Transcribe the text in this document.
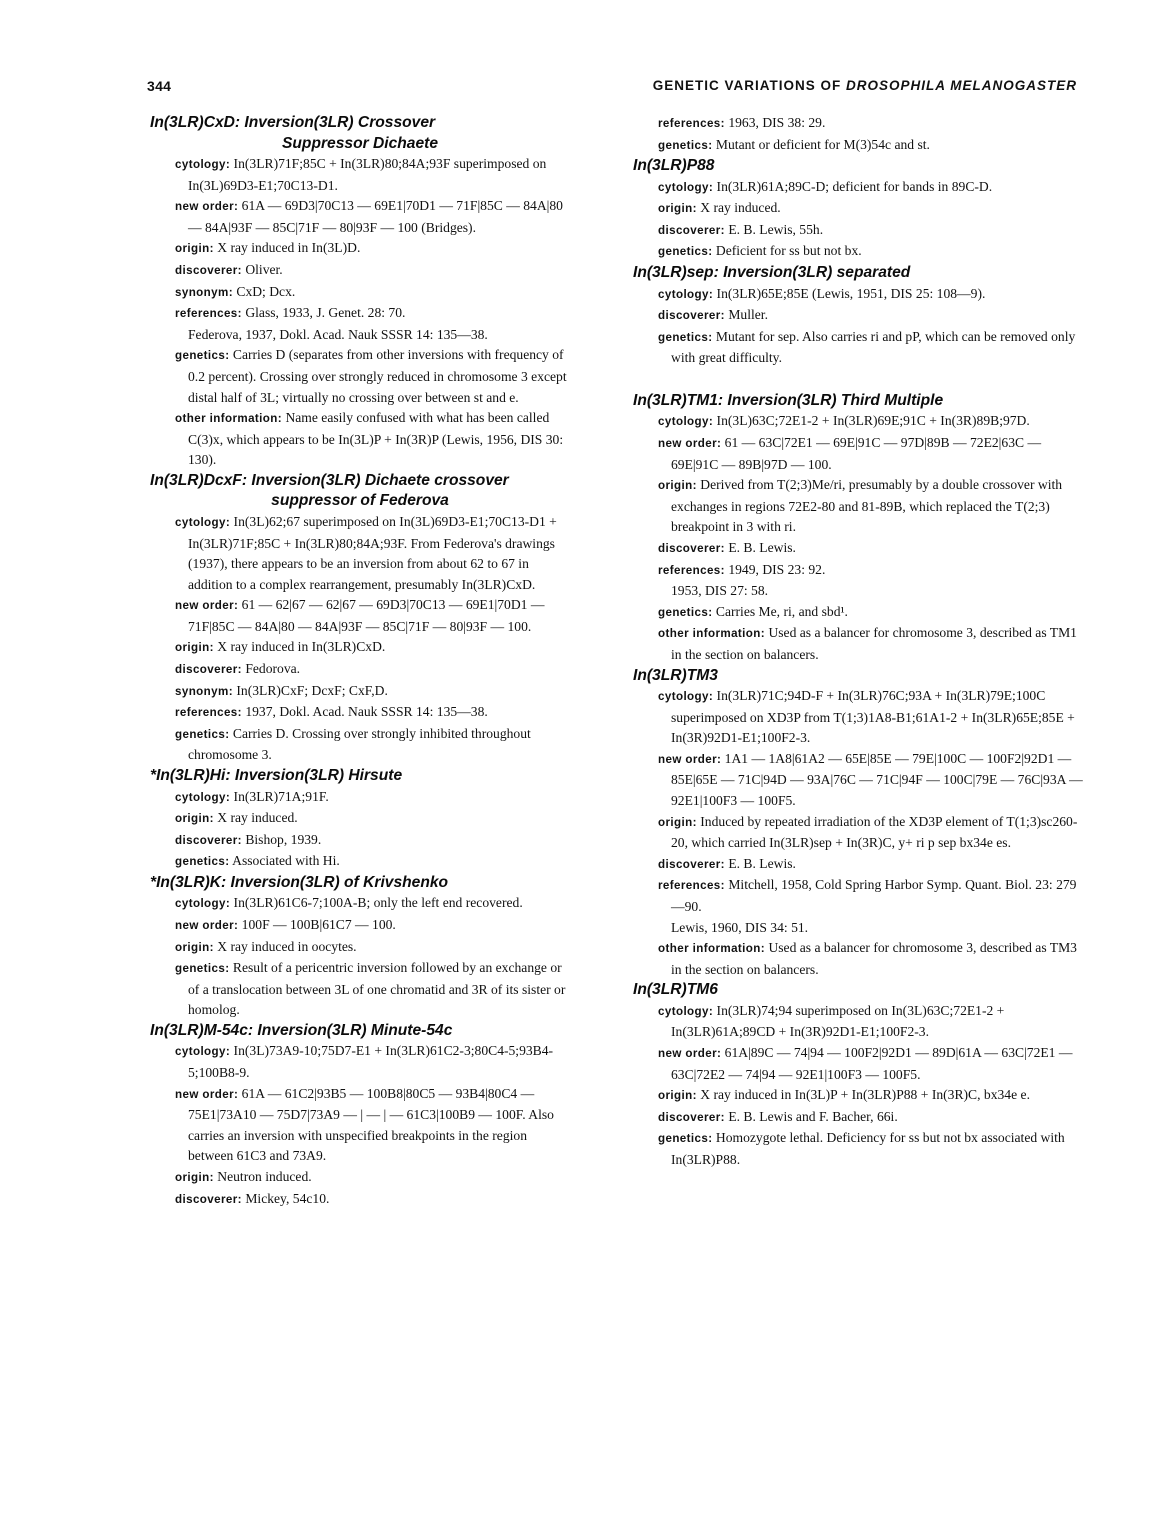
344	GENETIC VARIATIONS OF DROSOPHILA MELANOGASTER
In(3LR)CxD: Inversion(3LR) Crossover
Suppressor Dichaete
cytology: In(3LR)71F;85C + In(3LR)80;84A;93F superimposed on In(3L)69D3-E1;70C13-D1.
new order: 61A — 69D3|70C13 — 69E1|70D1 — 71F|85C — 84A|80 — 84A|93F — 85C|71F — 80|93F — 100 (Bridges).
origin: X ray induced in In(3L)D.
discoverer: Oliver.
synonym: CxD; Dcx.
references: Glass, 1933, J. Genet. 28: 70.
Federova, 1937, Dokl. Acad. Nauk SSSR 14: 135—38.
genetics: Carries D (separates from other inversions with frequency of 0.2 percent). Crossing over strongly reduced in chromosome 3 except distal half of 3L; virtually no crossing over between st and e.
other information: Name easily confused with what has been called C(3)x, which appears to be In(3L)P + In(3R)P (Lewis, 1956, DIS 30: 130).
In(3LR)DcxF: Inversion(3LR) Dichaete crossover
suppressor of Federova
cytology: In(3L)62;67 superimposed on In(3L)69D3-E1;70C13-D1 + In(3LR)71F;85C + In(3LR)80;84A;93F. From Federova's drawings (1937), there appears to be an inversion from about 62 to 67 in addition to a complex rearrangement, presumably In(3LR)CxD.
new order: 61 — 62|67 — 62|67 — 69D3|70C13 — 69E1|70D1 — 71F|85C — 84A|80 — 84A|93F — 85C|71F — 80|93F — 100.
origin: X ray induced in In(3LR)CxD.
discoverer: Fedorova.
synonym: In(3LR)CxF; DcxF; CxF,D.
references: 1937, Dokl. Acad. Nauk SSSR 14: 135—38.
genetics: Carries D. Crossing over strongly inhibited throughout chromosome 3.
*In(3LR)Hi: Inversion(3LR) Hirsute
cytology: In(3LR)71A;91F.
origin: X ray induced.
discoverer: Bishop, 1939.
genetics: Associated with Hi.
*In(3LR)K: Inversion(3LR) of Krivshenko
cytology: In(3LR)61C6-7;100A-B; only the left end recovered.
new order: 100F — 100B|61C7 — 100.
origin: X ray induced in oocytes.
genetics: Result of a pericentric inversion followed by an exchange or of a translocation between 3L of one chromatid and 3R of its sister or homolog.
In(3LR)M-54c: Inversion(3LR) Minute-54c
cytology: In(3L)73A9-10;75D7-E1 + In(3LR)61C2-3;80C4-5;93B4-5;100B8-9.
new order: 61A — 61C2|93B5 — 100B8|80C5 — 93B4|80C4 — 75E1|73A10 — 75D7|73A9 — | — | — 61C3|100B9 — 100F. Also carries an inversion with unspecified breakpoints in the region between 61C3 and 73A9.
origin: Neutron induced.
discoverer: Mickey, 54c10.
references: 1963, DIS 38: 29.
genetics: Mutant or deficient for M(3)54c and st.
In(3LR)P88
cytology: In(3LR)61A;89C-D; deficient for bands in 89C-D.
origin: X ray induced.
discoverer: E. B. Lewis, 55h.
genetics: Deficient for ss but not bx.
In(3LR)sep: Inversion(3LR) separated
cytology: In(3LR)65E;85E (Lewis, 1951, DIS 25: 108—9).
discoverer: Muller.
genetics: Mutant for sep. Also carries ri and pP, which can be removed only with great difficulty.
In(3LR)TM1: Inversion(3LR) Third Multiple
cytology: In(3L)63C;72E1-2 + In(3LR)69E;91C + In(3R)89B;97D.
new order: 61 — 63C|72E1 — 69E|91C — 97D|89B — 72E2|63C — 69E|91C — 89B|97D — 100.
origin: Derived from T(2;3)Me/ri, presumably by a double crossover with exchanges in regions 72E2-80 and 81-89B, which replaced the T(2;3) breakpoint in 3 with ri.
discoverer: E. B. Lewis.
references: 1949, DIS 23: 92.
1953, DIS 27: 58.
genetics: Carries Me, ri, and sbd¹.
other information: Used as a balancer for chromosome 3, described as TM1 in the section on balancers.
In(3LR)TM3
cytology: In(3LR)71C;94D-F + In(3LR)76C;93A + In(3LR)79E;100C superimposed on XD3P from T(1;3)1A8-B1;61A1-2 + In(3LR)65E;85E + In(3R)92D1-E1;100F2-3.
new order: 1A1 — 1A8|61A2 — 65E|85E — 79E|100C — 100F2|92D1 — 85E|65E — 71C|94D — 93A|76C — 71C|94F — 100C|79E — 76C|93A — 92E1|100F3 — 100F5.
origin: Induced by repeated irradiation of the XD3P element of T(1;3)sc260-20, which carried In(3LR)sep + In(3R)C, y+ ri p sep bx34e es.
discoverer: E. B. Lewis.
references: Mitchell, 1958, Cold Spring Harbor Symp. Quant. Biol. 23: 279—90.
Lewis, 1960, DIS 34: 51.
other information: Used as a balancer for chromosome 3, described as TM3 in the section on balancers.
In(3LR)TM6
cytology: In(3LR)74;94 superimposed on In(3L)63C;72E1-2 + In(3LR)61A;89CD + In(3R)92D1-E1;100F2-3.
new order: 61A|89C — 74|94 — 100F2|92D1 — 89D|61A — 63C|72E1 — 63C|72E2 — 74|94 — 92E1|100F3 — 100F5.
origin: X ray induced in In(3L)P + In(3LR)P88 + In(3R)C, bx34e e.
discoverer: E. B. Lewis and F. Bacher, 66i.
genetics: Homozygote lethal. Deficiency for ss but not bx associated with In(3LR)P88.
